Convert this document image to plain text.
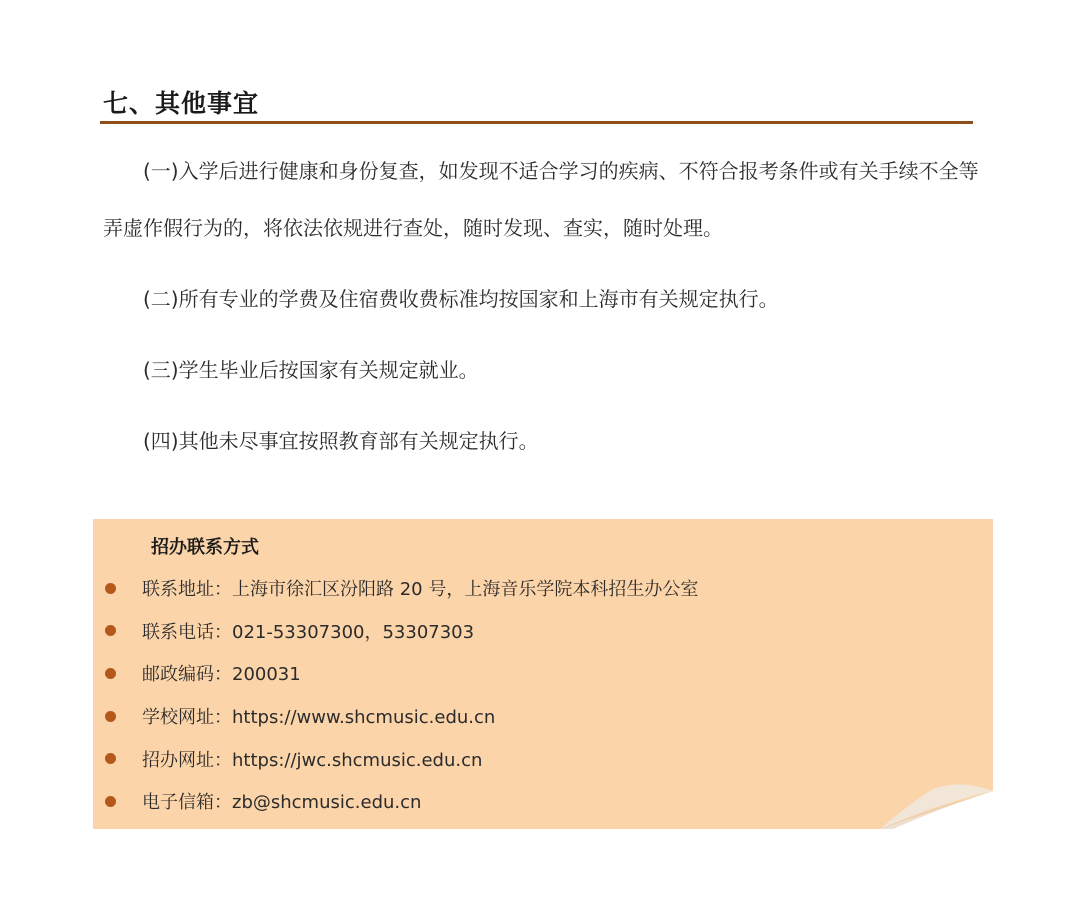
七、其他事宜

(一)入学后进行健康和身份复查，如发现不适合学习的疾病、不符合报考条件或有关手续不全等弄虚作假行为的，将依法依规进行查处，随时发现、查实，随时处理。

(二)所有专业的学费及住宿费收费标准均按国家和上海市有关规定执行。

(三)学生毕业后按国家有关规定就业。

(四)其他未尽事宜按照教育部有关规定执行。

招办联系方式
联系地址：上海市徐汇区汾阳路 20 号，上海音乐学院本科招生办公室
联系电话：021-53307300，53307303
邮政编码：200031
学校网址：https://www.shcmusic.edu.cn
招办网址：https://jwc.shcmusic.edu.cn
电子信箱：zb@shcmusic.edu.cn
